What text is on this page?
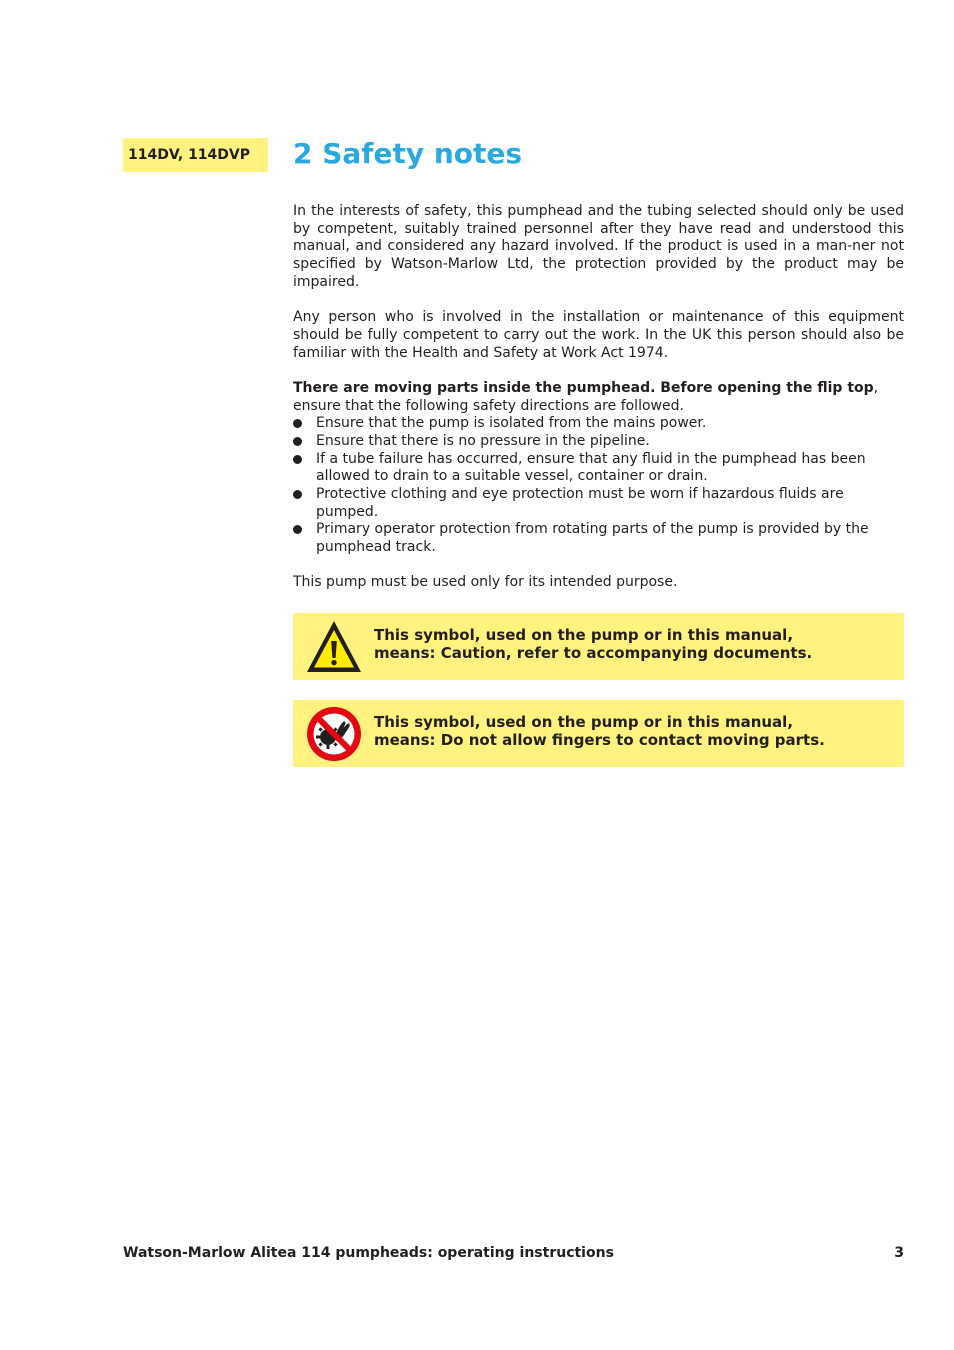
114DV, 114DVP	2 Safety notes

In the interests of safety, this pumphead and the tubing selected should only be used by competent, suitably trained personnel after they have read and understood this manual, and considered any hazard involved. If the product is used in a man-ner not specified by Watson-Marlow Ltd, the protection provided by the product may be impaired.

Any person who is involved in the installation or maintenance of this equipment should be fully competent to carry out the work. In the UK this person should also be familiar with the Health and Safety at Work Act 1974.

There are moving parts inside the pumphead. Before opening the flip top, ensure that the following safety directions are followed.

Ensure that the pump is isolated from the mains power.
Ensure that there is no pressure in the pipeline.
If a tube failure has occurred, ensure that any fluid in the pumphead has been allowed to drain to a suitable vessel, container or drain.
Protective clothing and eye protection must be worn if hazardous fluids are pumped.
Primary operator protection from rotating parts of the pump is provided by the pumphead track.

This pump must be used only for its intended purpose.

This symbol, used on the pump or in this manual,
means: Caution, refer to accompanying documents.
This symbol, used on the pump or in this manual,
means: Do not allow fingers to contact moving parts.
Watson-Marlow Alitea 114 pumpheads: operating instructions	3
